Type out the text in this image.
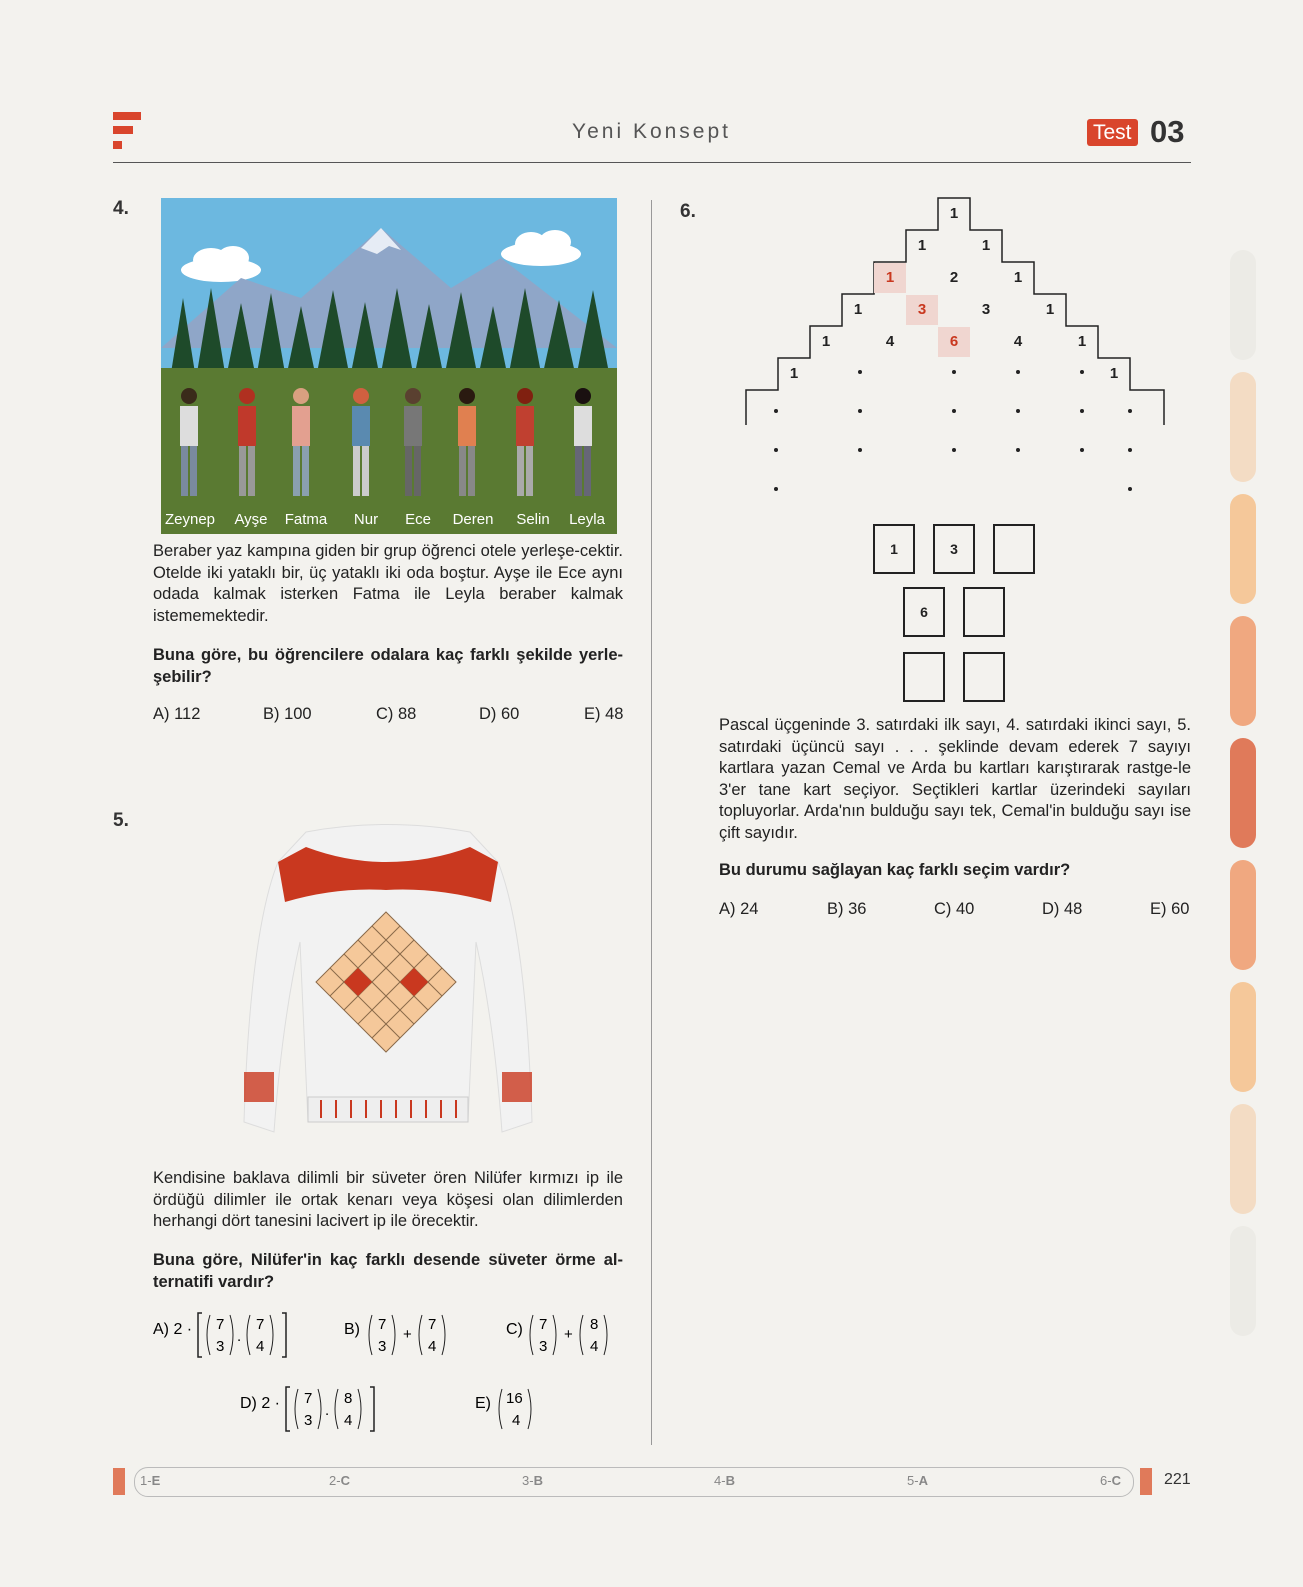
Yeni Konsept	Test 03
4.
Zeynep Ayşe Fatma Nur Ece Deren Selin Leyla
Beraber yaz kampına giden bir grup öğrenci otele yerleşe-cektir. Otelde iki yataklı bir, üç yataklı iki oda boştur. Ayşe ile Ece aynı odada kalmak isterken Fatma ile Leyla beraber kalmak istememektedir.
Buna göre, bu öğrencilere odalara kaç farklı şekilde yerle-şebilir?
A) 112	B) 100	C) 88	D) 60	E) 48
5.
Kendisine baklava dilimli bir süveter ören Nilüfer kırmızı ip ile ördüğü dilimler ile ortak kenarı veya köşesi olan dilimlerden herhangi dört tanesini lacivert ip ile örecektir.
Buna göre, Nilüfer'in kaç farklı desende süveter örme al-ternatifi vardır?
A) 2 · 7
3
.
7
4
B) 7
3
+
7
4
C) 7
3
+
8
4
D) 2 · 7
3
.
8
4
E) 16
4
6.	1
1	1
1	2	1
1	3	3	1
1	4	6	4	1
1	1
1	3
6
Pascal üçgeninde 3. satırdaki ilk sayı, 4. satırdaki ikinci sayı, 5. satırdaki üçüncü sayı . . . şeklinde devam ederek 7 sayıyı kartlara yazan Cemal ve Arda bu kartları karıştırarak rastge-le 3'er tane kart seçiyor. Seçtikleri kartlar üzerindeki sayıları topluyorlar. Arda'nın bulduğu sayı tek, Cemal'in bulduğu sayı ise çift sayıdır.
Bu durumu sağlayan kaç farklı seçim vardır?
A) 24	B) 36	C) 40	D) 48	E) 60
1-E	2-C	3-B	4-B	5-A	6-C	221
